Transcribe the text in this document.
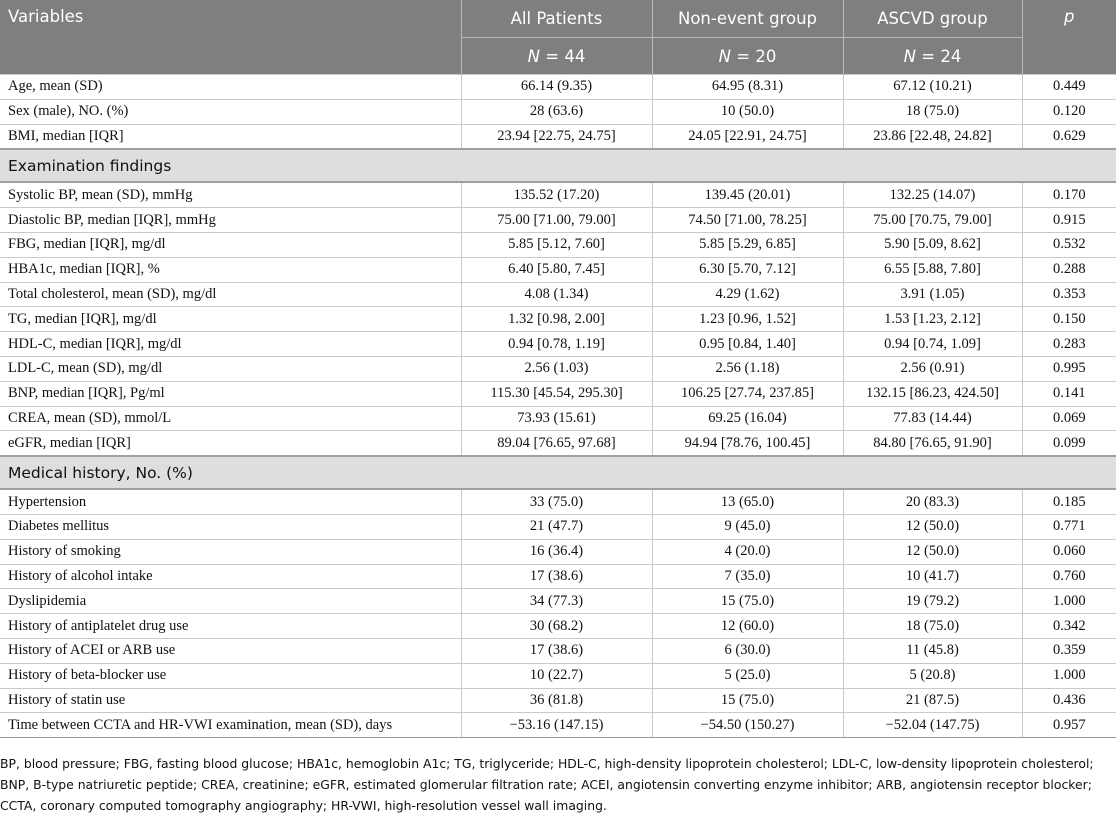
Variables	All Patients	Non-event group	ASCVD group	p
	N = 44	N = 20	N = 24	
Age, mean (SD)	66.14 (9.35)	64.95 (8.31)	67.12 (10.21)	0.449
Sex (male), NO. (%)	28 (63.6)	10 (50.0)	18 (75.0)	0.120
BMI, median [IQR]	23.94 [22.75, 24.75]	24.05 [22.91, 24.75]	23.86 [22.48, 24.82]	0.629
Examination findings				
Systolic BP, mean (SD), mmHg	135.52 (17.20)	139.45 (20.01)	132.25 (14.07)	0.170
Diastolic BP, median [IQR], mmHg	75.00 [71.00, 79.00]	74.50 [71.00, 78.25]	75.00 [70.75, 79.00]	0.915
FBG, median [IQR], mg/dl	5.85 [5.12, 7.60]	5.85 [5.29, 6.85]	5.90 [5.09, 8.62]	0.532
HBA1c, median [IQR], %	6.40 [5.80, 7.45]	6.30 [5.70, 7.12]	6.55 [5.88, 7.80]	0.288
Total cholesterol, mean (SD), mg/dl	4.08 (1.34)	4.29 (1.62)	3.91 (1.05)	0.353
TG, median [IQR], mg/dl	1.32 [0.98, 2.00]	1.23 [0.96, 1.52]	1.53 [1.23, 2.12]	0.150
HDL-C, median [IQR], mg/dl	0.94 [0.78, 1.19]	0.95 [0.84, 1.40]	0.94 [0.74, 1.09]	0.283
LDL-C, mean (SD), mg/dl	2.56 (1.03)	2.56 (1.18)	2.56 (0.91)	0.995
BNP, median [IQR], Pg/ml	115.30 [45.54, 295.30]	106.25 [27.74, 237.85]	132.15 [86.23, 424.50]	0.141
CREA, mean (SD), mmol/L	73.93 (15.61)	69.25 (16.04)	77.83 (14.44)	0.069
eGFR, median [IQR]	89.04 [76.65, 97.68]	94.94 [78.76, 100.45]	84.80 [76.65, 91.90]	0.099
Medical history, No. (%)				
Hypertension	33 (75.0)	13 (65.0)	20 (83.3)	0.185
Diabetes mellitus	21 (47.7)	9 (45.0)	12 (50.0)	0.771
History of smoking	16 (36.4)	4 (20.0)	12 (50.0)	0.060
History of alcohol intake	17 (38.6)	7 (35.0)	10 (41.7)	0.760
Dyslipidemia	34 (77.3)	15 (75.0)	19 (79.2)	1.000
History of antiplatelet drug use	30 (68.2)	12 (60.0)	18 (75.0)	0.342
History of ACEI or ARB use	17 (38.6)	6 (30.0)	11 (45.8)	0.359
History of beta-blocker use	10 (22.7)	5 (25.0)	5 (20.8)	1.000
History of statin use	36 (81.8)	15 (75.0)	21 (87.5)	0.436
Time between CCTA and HR-VWI examination, mean (SD), days	−53.16 (147.15)	−54.50 (150.27)	−52.04 (147.75)	0.957

BP, blood pressure; FBG, fasting blood glucose; HBA1c, hemoglobin A1c; TG, triglyceride; HDL-C, high-density lipoprotein cholesterol; LDL-C, low-density lipoprotein cholesterol; BNP, B-type natriuretic peptide; CREA, creatinine; eGFR, estimated glomerular filtration rate; ACEI, angiotensin converting enzyme inhibitor; ARB, angiotensin receptor blocker; CCTA, coronary computed tomography angiography; HR-VWI, high-resolution vessel wall imaging.
